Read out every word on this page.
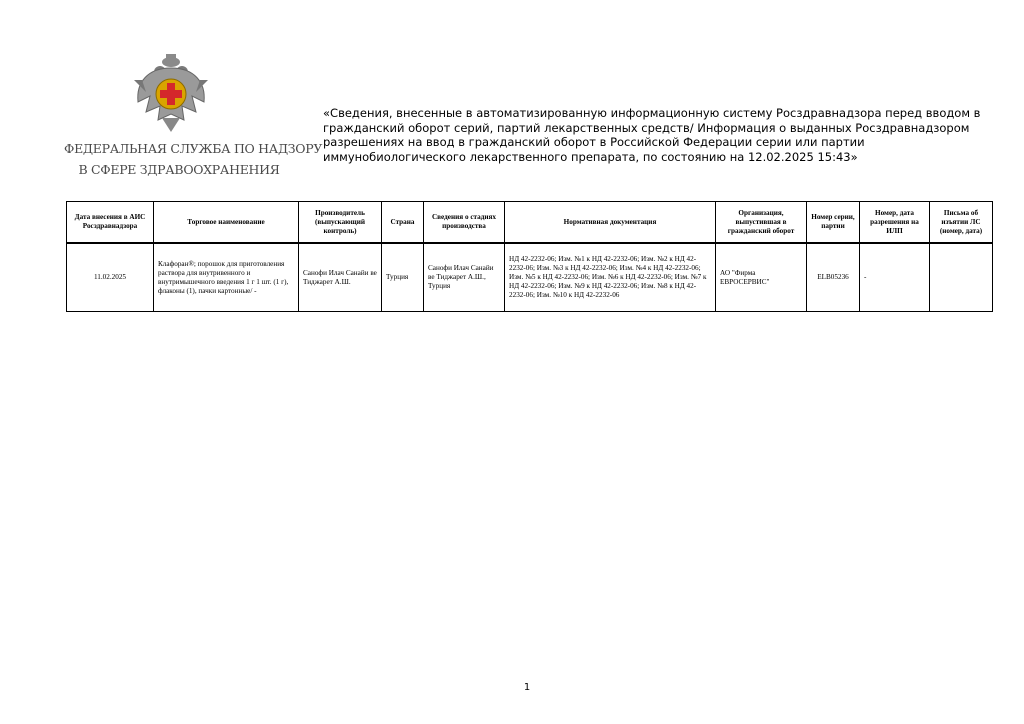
ФЕДЕРАЛЬНАЯ СЛУЖБА ПО НАДЗОРУ
В СФЕРЕ ЗДРАВООХРАНЕНИЯ
«Сведения, внесенные в автоматизированную информационную систему Росздравнадзора перед вводом в гражданский оборот серий, партий лекарственных средств/ Информация о выданных Росздравнадзором разрешениях на ввод в гражданский оборот в Российской Федерации серии или партии иммунобиологического лекарственного препарата, по состоянию на 12.02.2025 15:43»
Дата внесения в АИС Росздравнадзора	Торговое наименование	Производитель (выпускающий контроль)	Страна	Сведения о стадиях производства	Нормативная документация	Организация, выпустившая в гражданский оборот	Номер серии, партии	Номер, дата разрешения на ИЛП	Письма об изъятии ЛС (номер, дата)
11.02.2025	Клафоран®; порошок для приготовления раствора для внутривенного и внутримышечного введения 1 г 1 шт. (1 г), флаконы (1), пачки картонные/ -	Санофи Илач Санайи ве Тиджарет А.Ш.	Турция	Санофи Илач Санайи ве Тиджарет А.Ш., Турция	НД 42-2232-06; Изм. №1 к НД 42-2232-06; Изм. №2 к НД 42-2232-06; Изм. №3 к НД 42-2232-06; Изм. №4 к НД 42-2232-06; Изм. №5 к НД 42-2232-06; Изм. №6 к НД 42-2232-06; Изм. №7 к НД 42-2232-06; Изм. №9 к НД 42-2232-06; Изм. №8 к НД 42-2232-06; Изм. №10 к НД 42-2232-06	АО "Фирма ЕВРОСЕРВИС"	ELB05236	-	
1
